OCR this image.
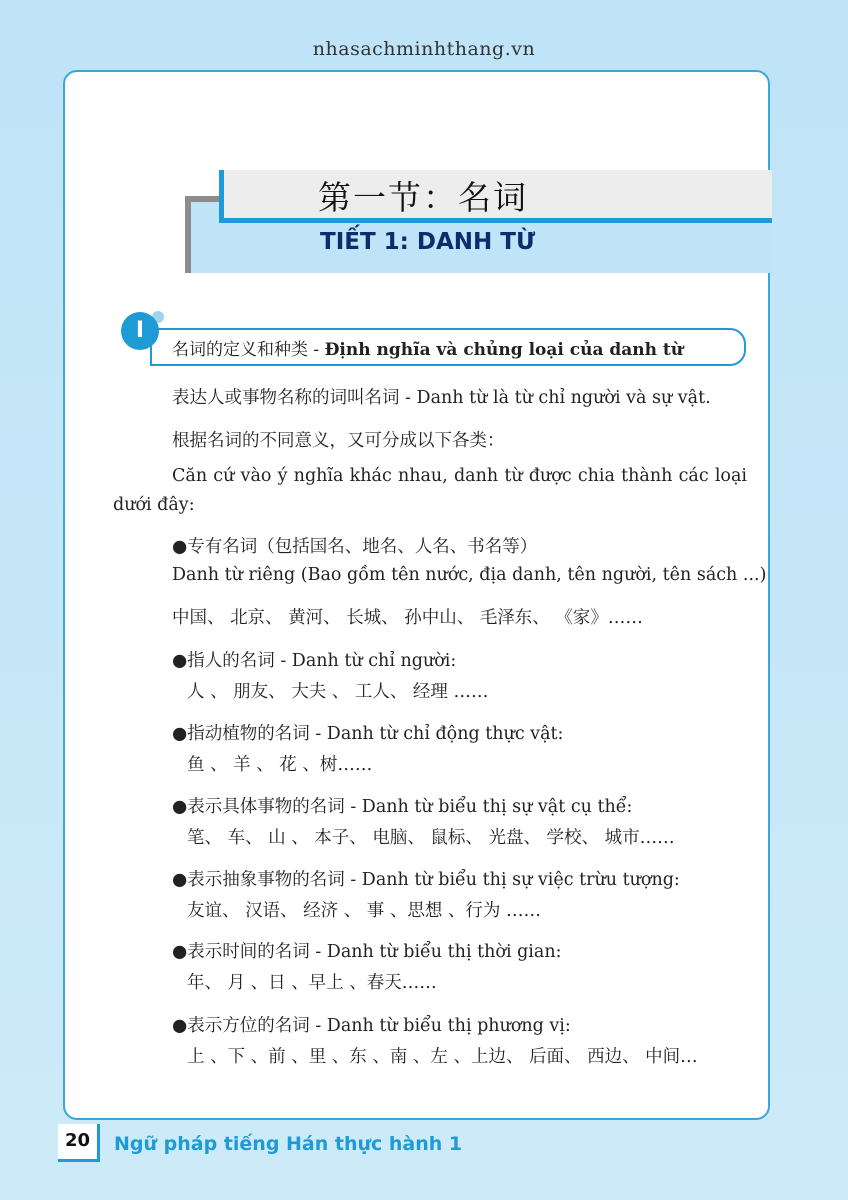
nhasachminhthang.vn
第一节：名词
TIẾT 1: DANH TỪ
I
名词的定义和种类 - Định nghĩa và chủng loại của danh từ
表达人或事物名称的词叫名词 - Danh từ là từ chỉ người và sự vật.
根据名词的不同意义，又可分成以下各类：
Căn cứ vào ý nghĩa khác nhau, danh từ được chia thành các loại dưới đây:
●专有名词（包括国名、地名、人名、书名等）
Danh từ riêng (Bao gồm tên nước, địa danh, tên người, tên sách ...)
中国、 北京、 黄河、 长城、 孙中山、 毛泽东、 《家》……
●指人的名词 - Danh từ chỉ người:
人 、 朋友、 大夫 、 工人、 经理 ……
●指动植物的名词 - Danh từ chỉ động thực vật:
鱼 、 羊 、 花 、树……
●表示具体事物的名词 - Danh từ biểu thị sự vật cụ thể:
笔、 车、 山 、 本子、 电脑、 鼠标、 光盘、 学校、 城市……
●表示抽象事物的名词 - Danh từ biểu thị sự việc trừu tượng:
友谊、 汉语、 经济 、 事 、思想 、行为 ……
●表示时间的名词 - Danh từ biểu thị thời gian:
年、 月 、日 、早上 、春天……
●表示方位的名词 - Danh từ biểu thị phương vị:
上 、下 、前 、里 、东 、南 、左 、上边、 后面、 西边、 中间…
20	Ngữ pháp tiếng Hán thực hành 1
